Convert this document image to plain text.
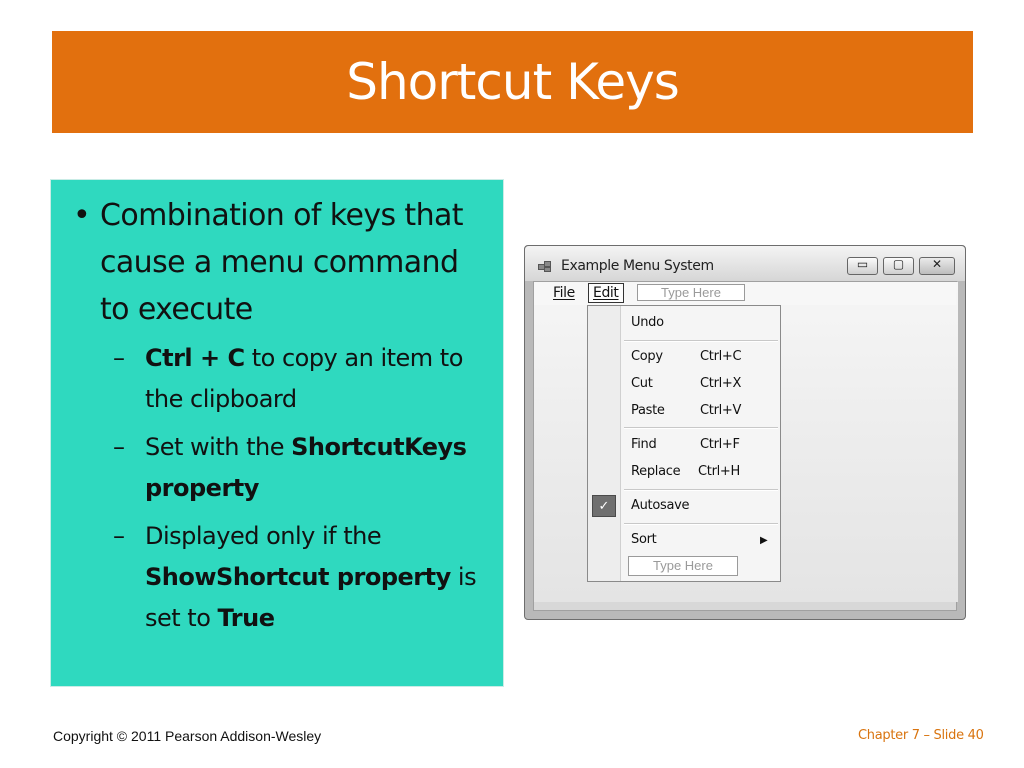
Shortcut Keys
• Combination of keys that cause a menu command to execute
– Ctrl + C to copy an item to the clipboard
– Set with the ShortcutKeys property
– Displayed only if the ShowShortcut property is set to True
Example Menu System	▭	▢	✕
File	Edit	Type Here
Undo
Copy	Ctrl+C
Cut	Ctrl+X
Paste	Ctrl+V
Find	Ctrl+F
Replace Ctrl+H
✓	Autosave
Sort	▶
Type Here
Copyright © 2011 Pearson Addison-Wesley	Chapter 7 – Slide 40
